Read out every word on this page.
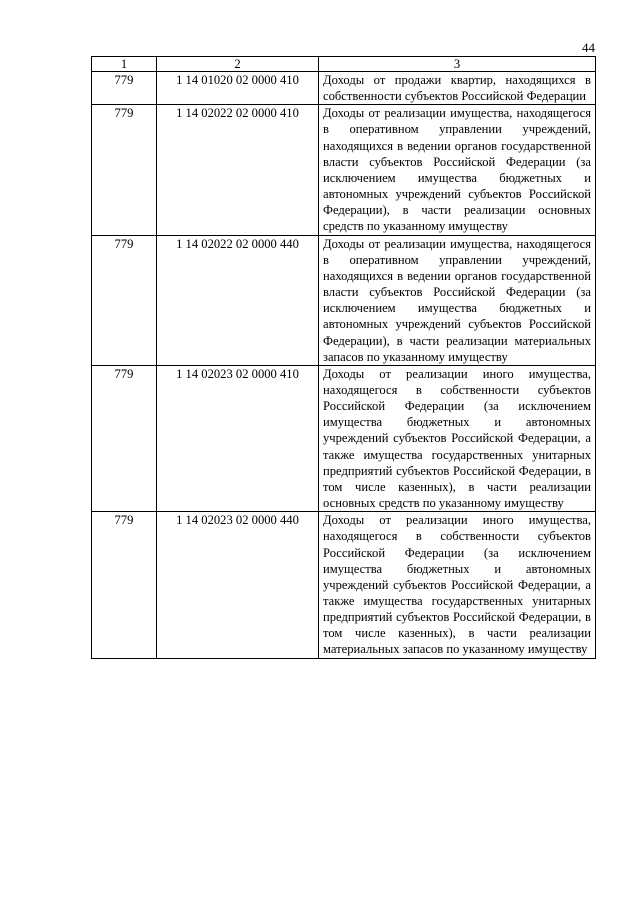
44
1	2	3
779	1 14 01020 02 0000 410	Доходы от продажи квартир, находящихся в собственности субъектов Российской Федерации
779	1 14 02022 02 0000 410	Доходы от реализации имущества, находящегося в оперативном управлении учреждений, находящихся в ведении органов государственной власти субъектов Российской Федерации (за исключением имущества бюджетных и автономных учреждений субъектов Российской Федерации), в части реализации основных средств по указанному имуществу
779	1 14 02022 02 0000 440	Доходы от реализации имущества, находящегося в оперативном управлении учреждений, находящихся в ведении органов государственной власти субъектов Российской Федерации (за исключением имущества бюджетных и автономных учреждений субъектов Российской Федерации), в части реализации материальных запасов по указанному имуществу
779	1 14 02023 02 0000 410	Доходы от реализации иного имущества, находящегося в собственности субъектов Российской Федерации (за исключением имущества бюджетных и автономных учреждений субъектов Российской Федерации, а также имущества государственных унитарных предприятий субъектов Российской Федерации, в том числе казенных), в части реализации основных средств по указанному имуществу
779	1 14 02023 02 0000 440	Доходы от реализации иного имущества, находящегося в собственности субъектов Российской Федерации (за исключением имущества бюджетных и автономных учреждений субъектов Российской Федерации, а также имущества государственных унитарных предприятий субъектов Российской Федерации, в том числе казенных), в части реализации материальных запасов по указанному имуществу
